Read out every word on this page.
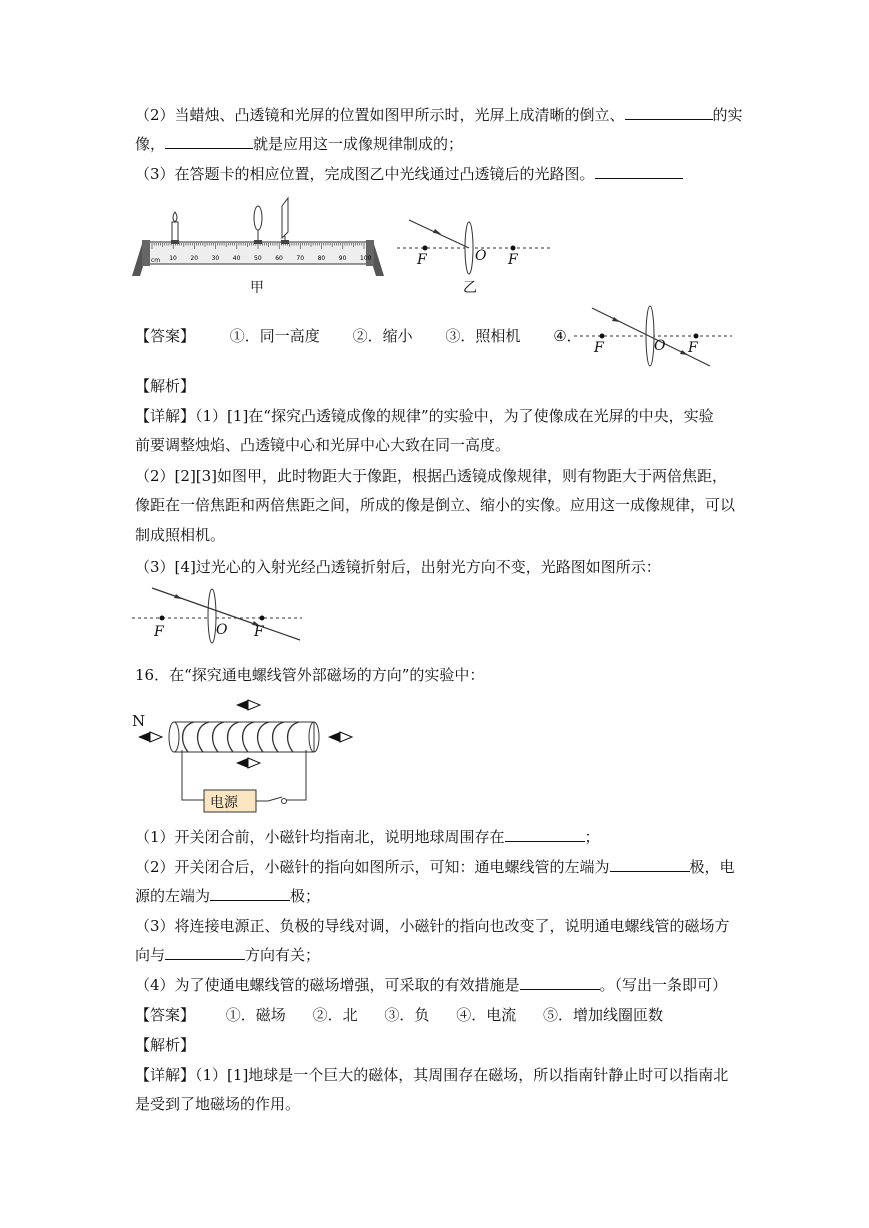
（2）当蜡烛、凸透镜和光屏的位置如图甲所示时，光屏上成清晰的倒立、	的实
像，	就是应用这一成像规律制成的；
（3）在答题卡的相应位置，完成图乙中光线通过凸透镜后的光路图。
10 20 30 40 50 60 70 80 90 100
cm
甲
F	O F
乙
【答案】 ①．同一高度 ②．缩小 ③．照相机 ④．
F	O F
【解析】
【详解】（1）[1]在“探究凸透镜成像的规律”的实验中，为了使像成在光屏的中央，实验
前要调整烛焰、凸透镜中心和光屏中心大致在同一高度。
（2）[2][3]如图甲，此时物距大于像距，根据凸透镜成像规律，则有物距大于两倍焦距，
像距在一倍焦距和两倍焦距之间，所成的像是倒立、缩小的实像。应用这一成像规律，可以
制成照相机。
（3）[4]过光心的入射光经凸透镜折射后，出射光方向不变，光路图如图所示：
F	O F
16．在“探究通电螺线管外部磁场的方向”的实验中：
N
电源
（1）开关闭合前，小磁针均指南北，说明地球周围存在	；
（2）开关闭合后，小磁针的指向如图所示，可知：通电螺线管的左端为	极，电
源的左端为	极；
（3）将连接电源正、负极的导线对调，小磁针的指向也改变了，说明通电螺线管的磁场方
向与	方向有关；
（4）为了使通电螺线管的磁场增强，可采取的有效措施是	。（写出一条即可）
【答案】 ①．磁场 ②．北 ③．负 ④．电流 ⑤．增加线圈匝数
【解析】
【详解】（1）[1]地球是一个巨大的磁体，其周围存在磁场，所以指南针静止时可以指南北
是受到了地磁场的作用。
